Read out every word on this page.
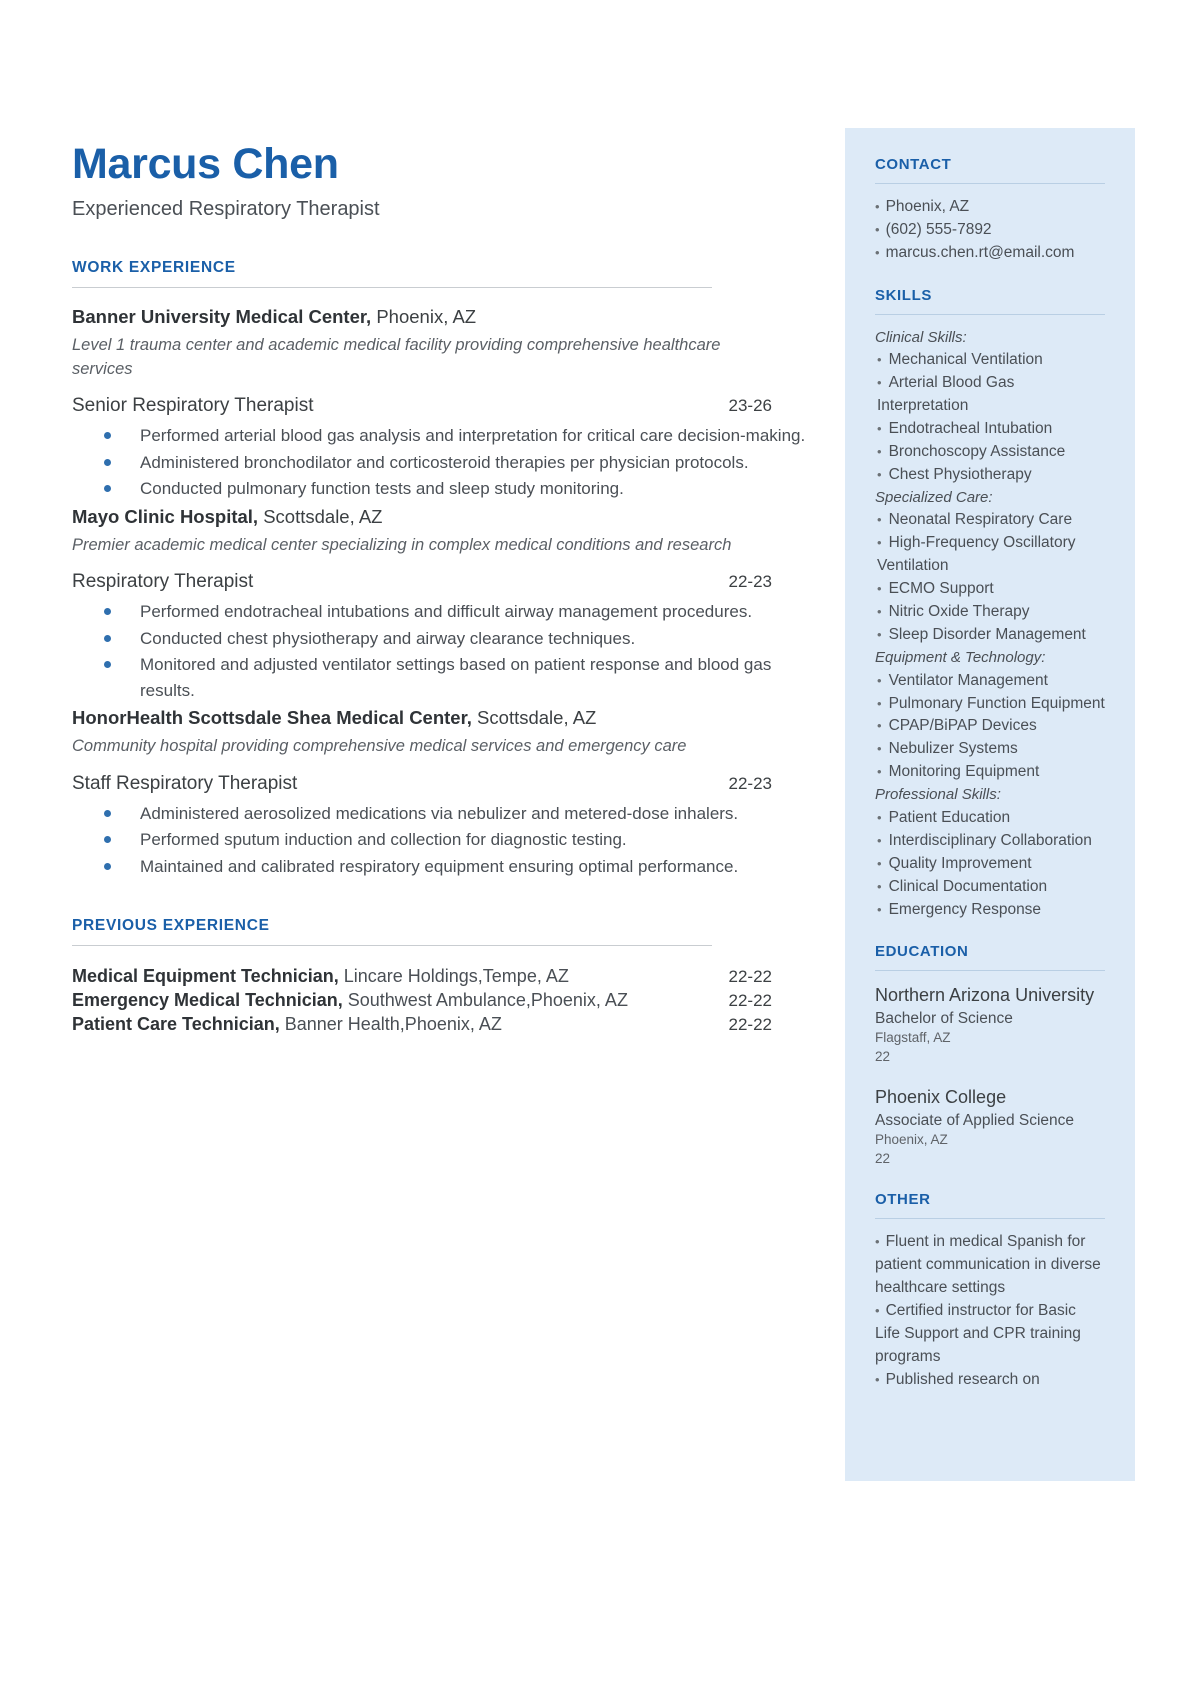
CONTACT
• Phoenix, AZ
• (602) 555-7892
• marcus.chen.rt@email.com
SKILLS
Clinical Skills:
• Mechanical Ventilation
• Arterial Blood Gas Interpretation
• Endotracheal Intubation
• Bronchoscopy Assistance
• Chest Physiotherapy
Specialized Care:
• Neonatal Respiratory Care
• High-Frequency Oscillatory Ventilation
• ECMO Support
• Nitric Oxide Therapy
• Sleep Disorder Management
Equipment & Technology:
• Ventilator Management
• Pulmonary Function Equipment
• CPAP/BiPAP Devices
• Nebulizer Systems
• Monitoring Equipment
Professional Skills:
• Patient Education
• Interdisciplinary Collaboration
• Quality Improvement
• Clinical Documentation
• Emergency Response
EDUCATION
Northern Arizona University
Bachelor of Science
Flagstaff, AZ
22
Phoenix College
Associate of Applied Science
Phoenix, AZ
22
OTHER
• Fluent in medical Spanish for patient communication in diverse healthcare settings
• Certified instructor for Basic Life Support and CPR training programs
• Published research on
Marcus Chen
Experienced Respiratory Therapist
WORK EXPERIENCE
Banner University Medical Center, Phoenix, AZ
Level 1 trauma center and academic medical facility providing comprehensive healthcare services
Senior Respiratory Therapist	23-26
Performed arterial blood gas analysis and interpretation for critical care decision-making.
Administered bronchodilator and corticosteroid therapies per physician protocols.
Conducted pulmonary function tests and sleep study monitoring.
Mayo Clinic Hospital, Scottsdale, AZ
Premier academic medical center specializing in complex medical conditions and research
Respiratory Therapist	22-23
Performed endotracheal intubations and difficult airway management procedures.
Conducted chest physiotherapy and airway clearance techniques.
Monitored and adjusted ventilator settings based on patient response and blood gas results.
HonorHealth Scottsdale Shea Medical Center, Scottsdale, AZ
Community hospital providing comprehensive medical services and emergency care
Staff Respiratory Therapist	22-23
Administered aerosolized medications via nebulizer and metered-dose inhalers.
Performed sputum induction and collection for diagnostic testing.
Maintained and calibrated respiratory equipment ensuring optimal performance.
PREVIOUS EXPERIENCE
Medical Equipment Technician, Lincare Holdings,Tempe, AZ	22-22
Emergency Medical Technician, Southwest Ambulance,Phoenix, AZ	22-22
Patient Care Technician, Banner Health,Phoenix, AZ	22-22
